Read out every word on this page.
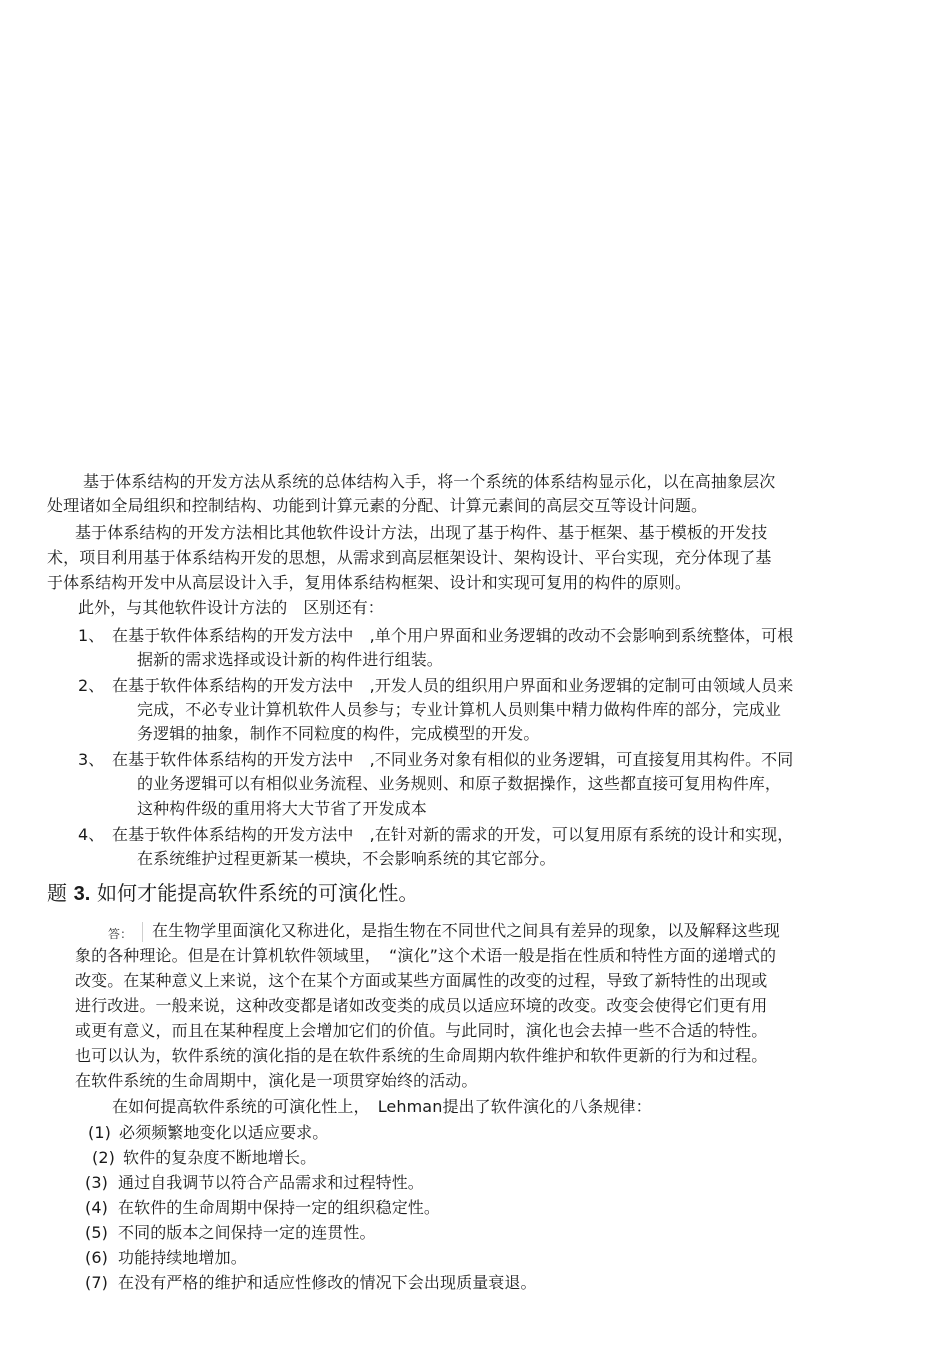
基于体系结构的开发方法从系统的总体结构入手，将一个系统的体系结构显示化，以在高抽象层次
处理诸如全局组织和控制结构、功能到计算元素的分配、计算元素间的高层交互等设计问题。
基于体系结构的开发方法相比其他软件设计方法，出现了基于构件、基于框架、基于模板的开发技
术，项目利用基于体系结构开发的思想，从需求到高层框架设计、架构设计、平台实现，充分体现了基
于体系结构开发中从高层设计入手，复用体系结构框架、设计和实现可复用的构件的原则。
此外，与其他软件设计方法的　区别还有：
1、 在基于软件体系结构的开发方法中　,单个用户界面和业务逻辑的改动不会影响到系统整体，可根
据新的需求选择或设计新的构件进行组装。
2、 在基于软件体系结构的开发方法中　,开发人员的组织用户界面和业务逻辑的定制可由领域人员来
完成，不必专业计算机软件人员参与；专业计算机人员则集中精力做构件库的部分，完成业
务逻辑的抽象，制作不同粒度的构件，完成模型的开发。
3、 在基于软件体系结构的开发方法中　,不同业务对象有相似的业务逻辑，可直接复用其构件。不同
的业务逻辑可以有相似业务流程、业务规则、和原子数据操作，这些都直接可复用构件库，
这种构件级的重用将大大节省了开发成本
4、 在基于软件体系结构的开发方法中　,在针对新的需求的开发，可以复用原有系统的设计和实现，
在系统维护过程更新某一模块，不会影响系统的其它部分。
题 3. 如何才能提高软件系统的可演化性。
答： 在生物学里面演化又称进化，是指生物在不同世代之间具有差异的现象，以及解释这些现
象的各种理论。但是在计算机软件领域里，　“演化”这个术语一般是指在性质和特性方面的递增式的
改变。在某种意义上来说，这个在某个方面或某些方面属性的改变的过程，导致了新特性的出现或
进行改进。一般来说，这种改变都是诸如改变类的成员以适应环境的改变。改变会使得它们更有用
或更有意义，而且在某种程度上会增加它们的价值。与此同时，演化也会去掉一些不合适的特性。
也可以认为，软件系统的演化指的是在软件系统的生命周期内软件维护和软件更新的行为和过程。
在软件系统的生命周期中，演化是一项贯穿始终的活动。
在如何提高软件系统的可演化性上，　Lehman提出了软件演化的八条规律：
(1) 必须频繁地变化以适应要求。
(2) 软件的复杂度不断地增长。
(3) 通过自我调节以符合产品需求和过程特性。
(4) 在软件的生命周期中保持一定的组织稳定性。
(5) 不同的版本之间保持一定的连贯性。
(6) 功能持续地增加。
(7) 在没有严格的维护和适应性修改的情况下会出现质量衰退。
